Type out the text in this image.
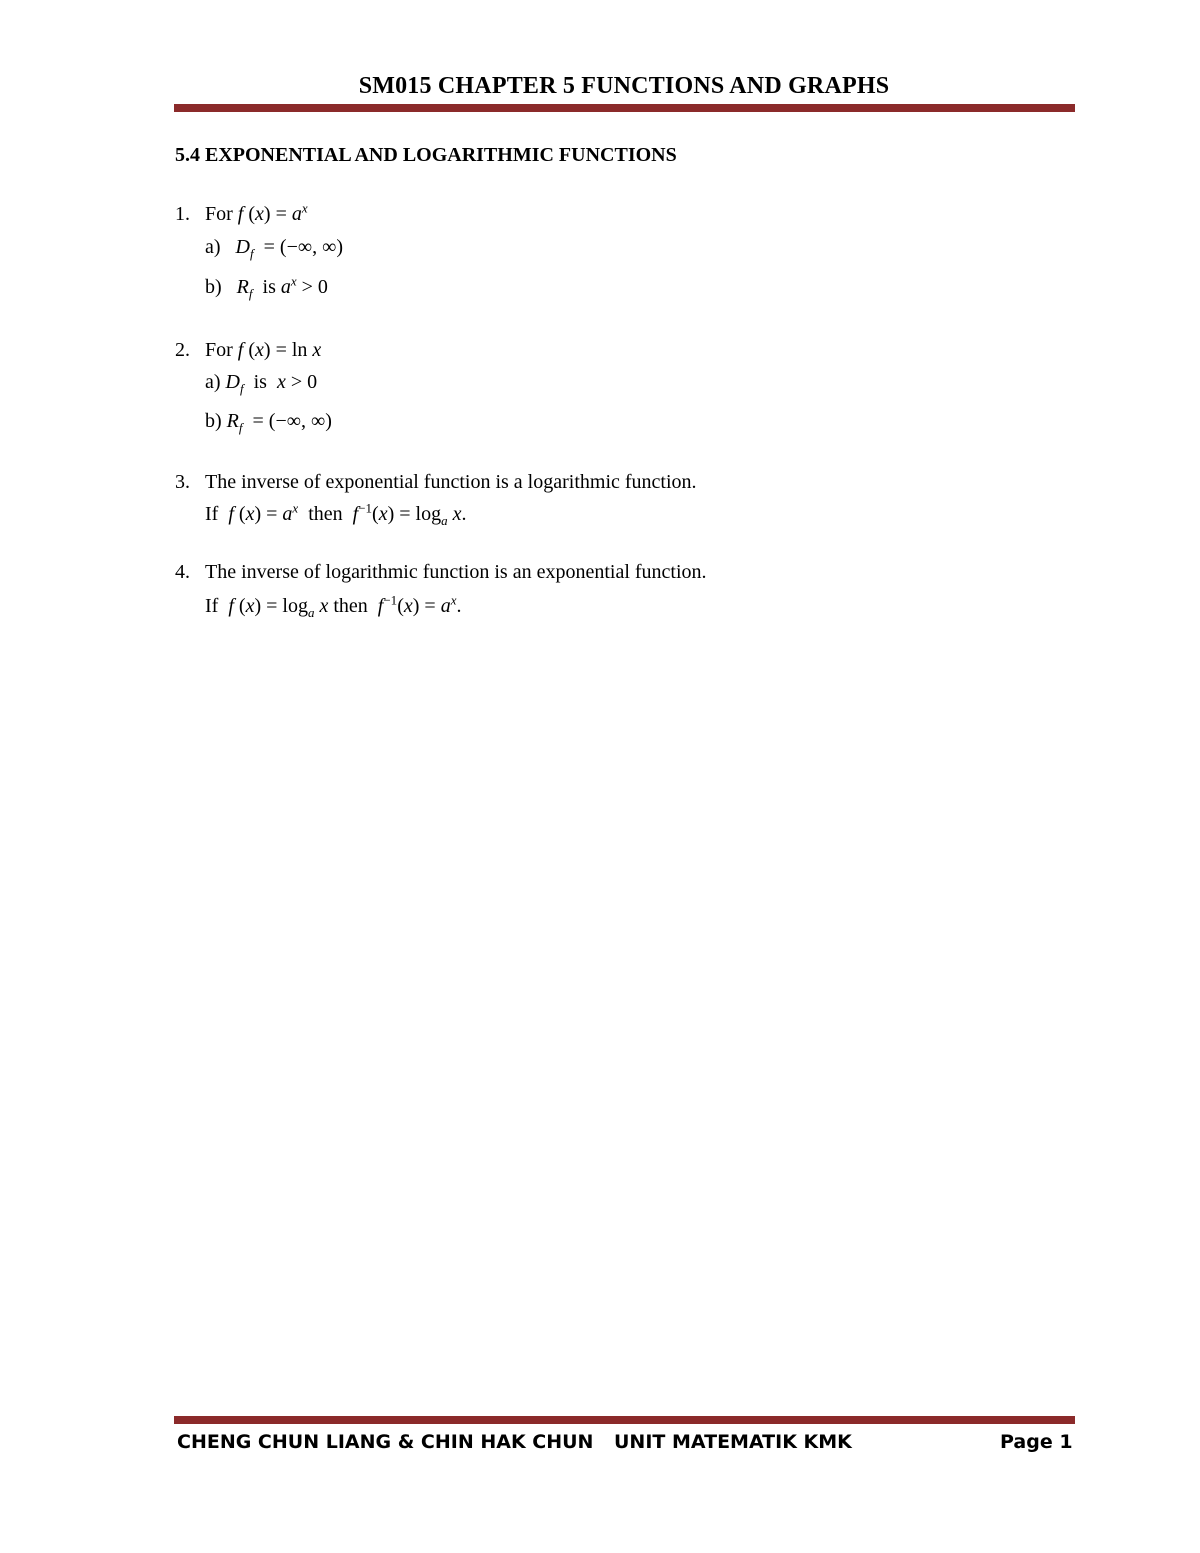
SM015 CHAPTER 5 FUNCTIONS AND GRAPHS
5.4 EXPONENTIAL AND LOGARITHMIC FUNCTIONS
1. For f $(x) = a^x$
a)   $D_f$  = (−∞, ∞)
b)   $R_f$  is $a^x > 0$
2. For f (x) = ln x
a) $D_f$  is  x > 0
b) $R_f$  = (−∞, ∞)
3. The inverse of exponential function is a logarithmic function.
If  f $(x) = a^x$  then  $f^{-1}(x) = \log_a x$.
4. The inverse of logarithmic function is an exponential function.
If  f $(x) = \log_a x$ then  $f^{-1}(x) = a^x$.
CHENG CHUN LIANG & CHIN HAK CHUN UNIT MATEMATIK KMK	Page 1
